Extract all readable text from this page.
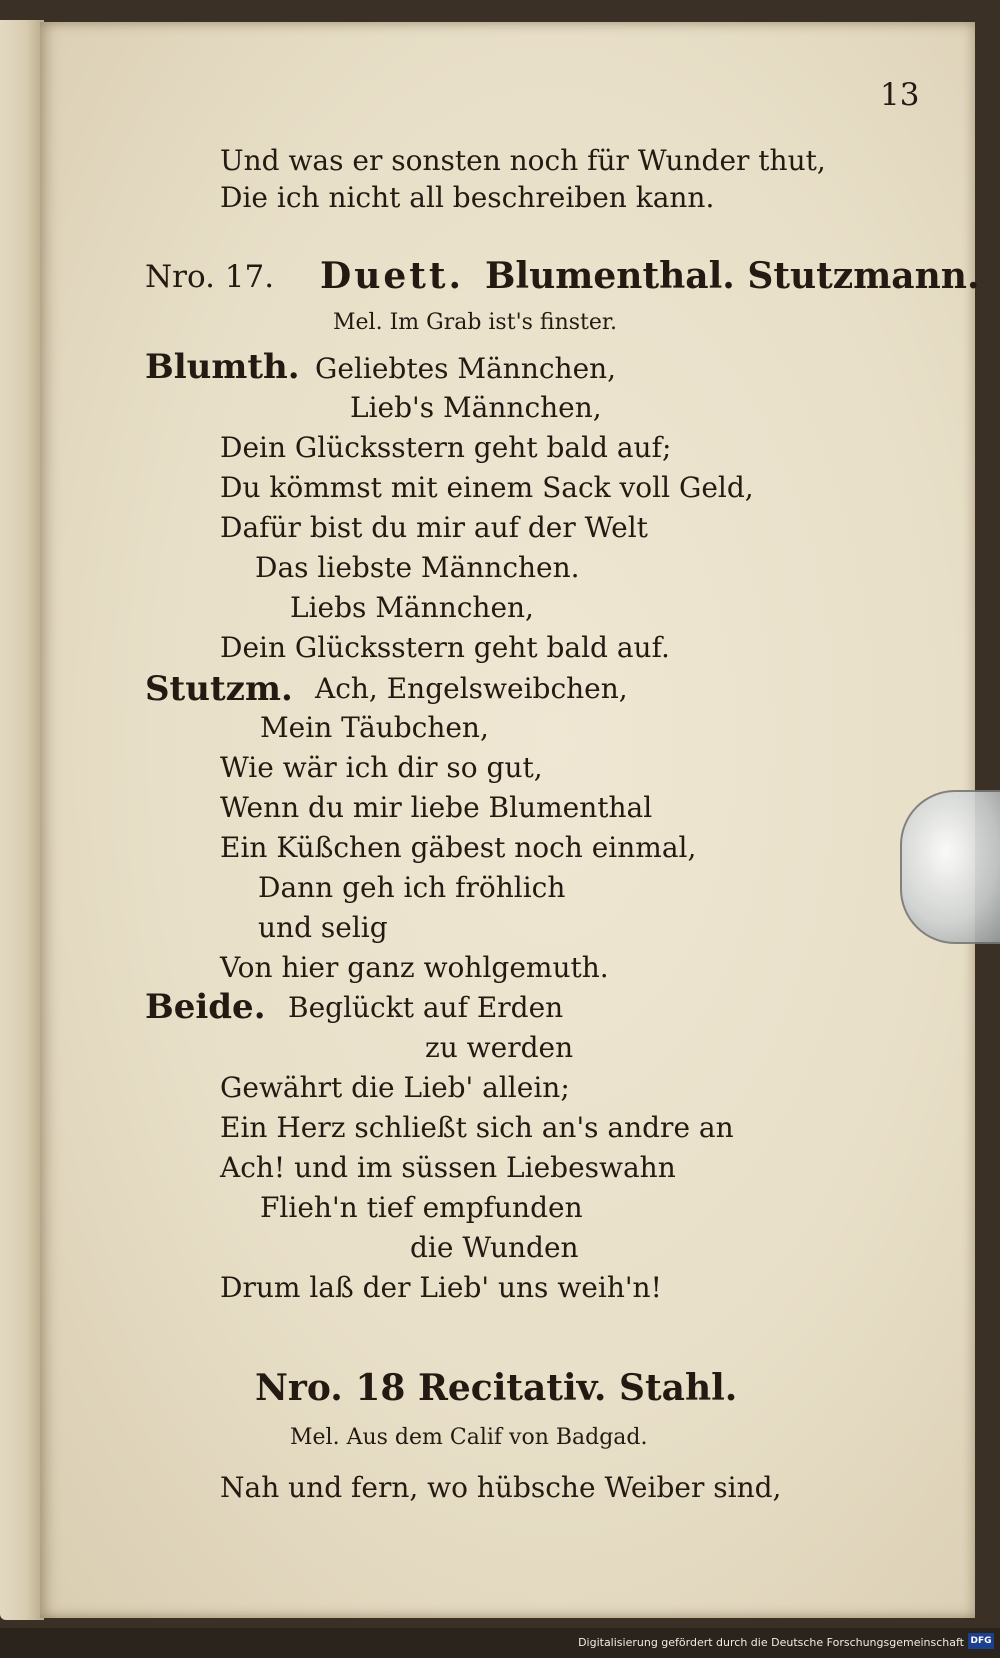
13
Und was er sonsten noch für Wunder thut,
Die ich nicht all beschreiben kann.
Nro. 17. Duett. Blumenthal. Stutzmann.
Mel. Im Grab ist's finster.
Blumth. Geliebtes Männchen,
Lieb's Männchen,
Dein Glücksstern geht bald auf;
Du kömmst mit einem Sack voll Geld,
Dafür bist du mir auf der Welt
Das liebste Männchen.
Liebs Männchen,
Dein Glücksstern geht bald auf.
Stutzm. Ach, Engelsweibchen,
Mein Täubchen,
Wie wär ich dir so gut,
Wenn du mir liebe Blumenthal
Ein Küßchen gäbest noch einmal,
Dann geh ich fröhlich
und selig
Von hier ganz wohlgemuth.
Beide. Beglückt auf Erden
zu werden
Gewährt die Lieb' allein;
Ein Herz schließt sich an's andre an
Ach! und im süssen Liebeswahn
Flieh'n tief empfunden
die Wunden
Drum laß der Lieb' uns weih'n!
Nro. 18 Recitativ. Stahl.
Mel. Aus dem Calif von Badgad.
Nah und fern, wo hübsche Weiber sind,
Digitalisierung gefördert durch die Deutsche Forschungsgemeinschaft DFG
